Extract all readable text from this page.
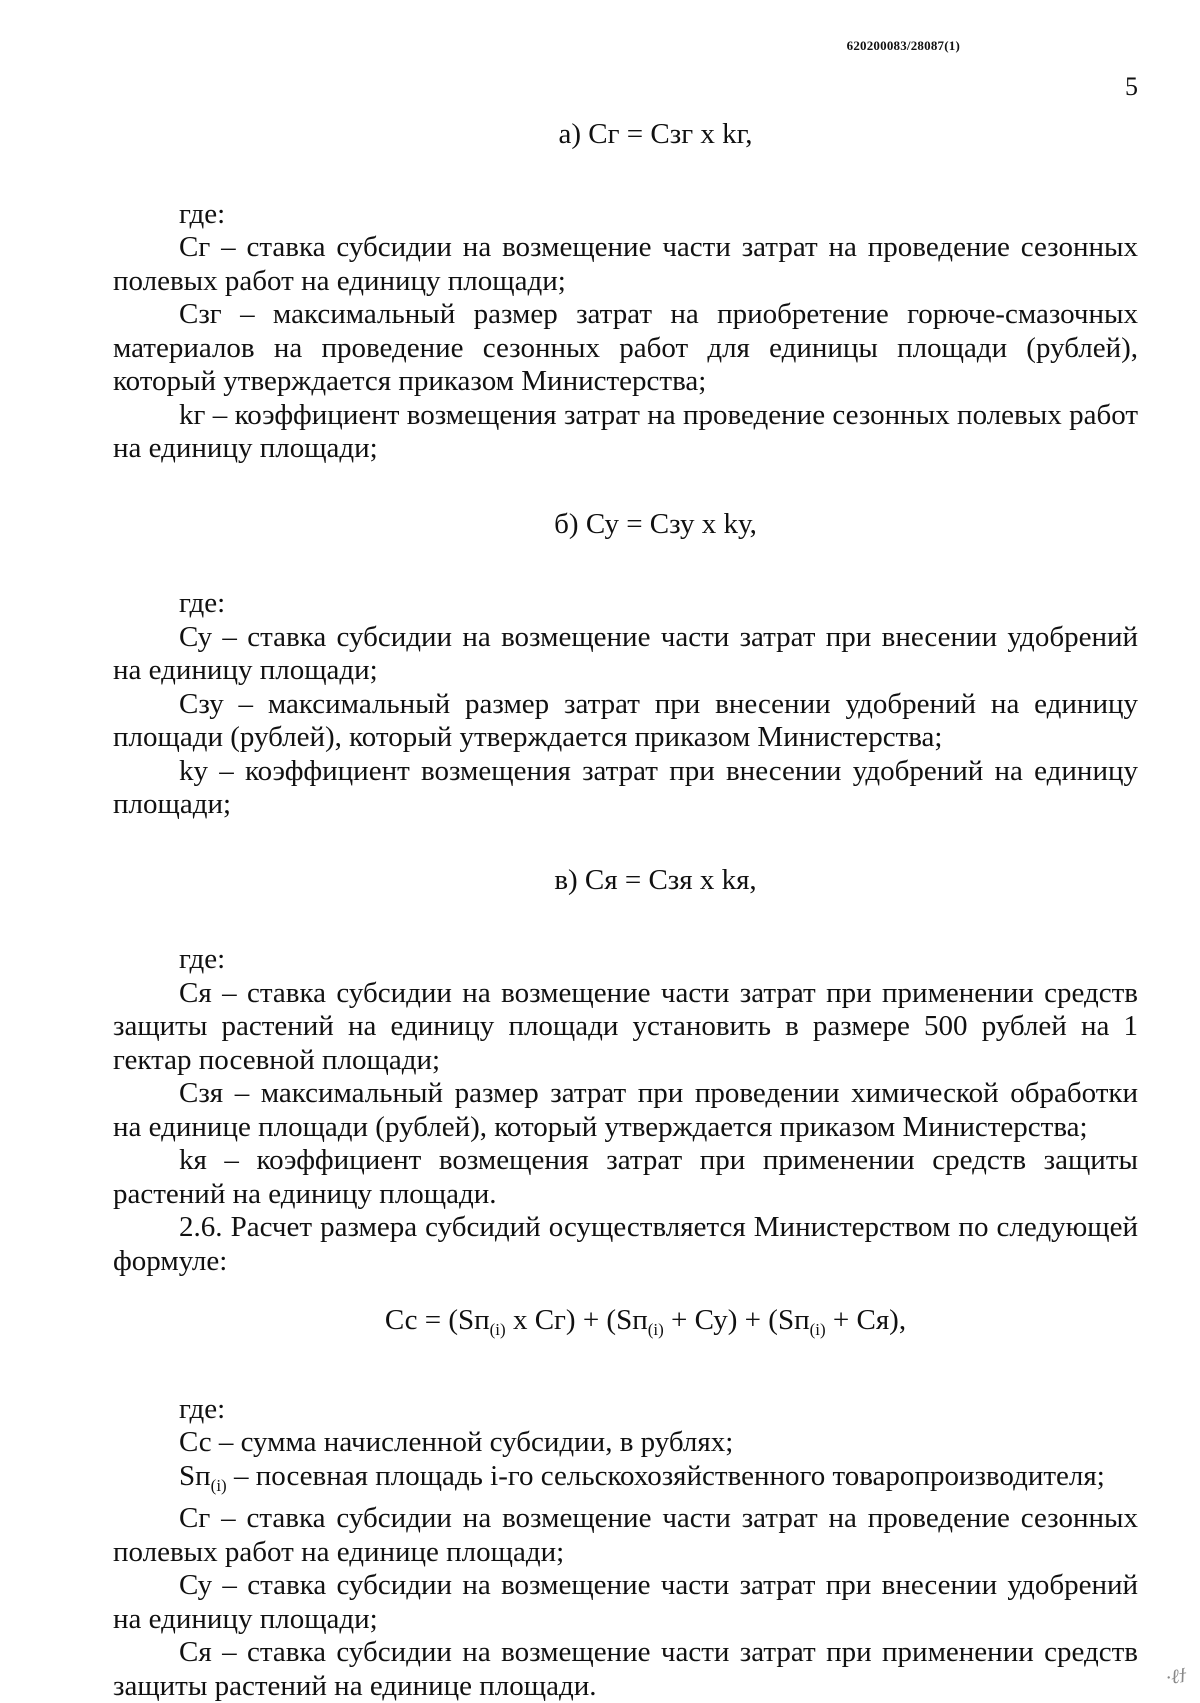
620200083/28087(1)
5

а) Сг = Сзг х kг,

где:

Сг – ставка субсидии на возмещение части затрат на проведение сезонных полевых работ на единицу площади;

Сзг – максимальный размер затрат на приобретение горюче-смазочных материалов на проведение сезонных работ для единицы площади (рублей), который утверждается приказом Министерства;

kг – коэффициент возмещения затрат на проведение сезонных полевых работ на единицу площади;

б) Су = Сзу х kу,

где:

Су – ставка субсидии на возмещение части затрат при внесении удобрений на единицу площади;

Сзу – максимальный размер затрат при внесении удобрений на единицу площади (рублей), который утверждается приказом Министерства;

kу – коэффициент возмещения затрат при внесении удобрений на единицу площади;

в) Ся = Сзя х kя,

где:

Ся – ставка субсидии на возмещение части затрат при применении средств защиты растений на единицу площади установить в размере 500 рублей на 1 гектар посевной площади;

Сзя – максимальный размер затрат при проведении химической обработки на единице площади (рублей), который утверждается приказом Министерства;

kя – коэффициент возмещения затрат при применении средств защиты растений на единицу площади.

2.6. Расчет размера субсидий осуществляется Министерством по следующей формуле:

Сс = ($Sп_{(i)}$ х $Сг) + (Sп_{(i)} + Су) + (Sп_{(i)} + Ся)$,

где:

Сс – сумма начисленной субсидии, в рублях;

$Sп_{(i)}$ – посевная площадь i-го сельскохозяйственного товаропроизводителя;

Сг – ставка субсидии на возмещение части затрат на проведение сезонных полевых работ на единице площади;

Су – ставка субсидии на возмещение части затрат при внесении удобрений на единицу площади;

Ся – ставка субсидии на возмещение части затрат при применении средств защиты растений на единице площади.	·ℓϯ
